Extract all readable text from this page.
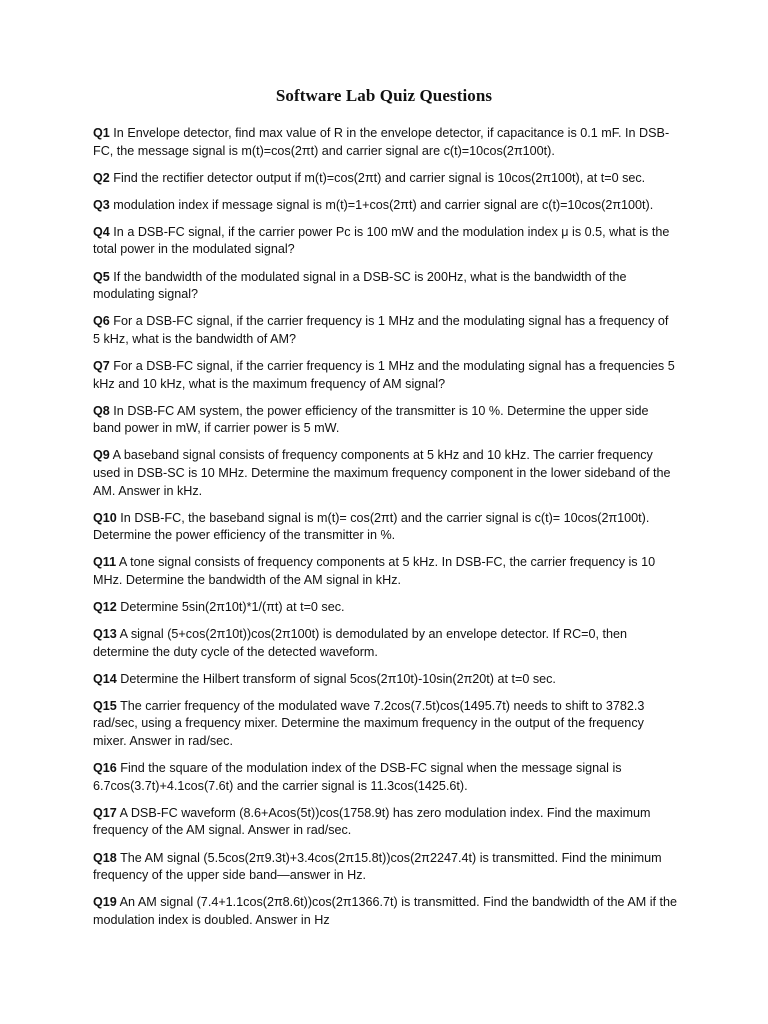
Software Lab Quiz Questions
Q1 In Envelope detector, find max value of R in the envelope detector, if capacitance is 0.1 mF. In DSB-FC, the message signal is m(t)=cos(2πt) and carrier signal are c(t)=10cos(2π100t).
Q2 Find the rectifier detector output if m(t)=cos(2πt) and carrier signal is 10cos(2π100t), at t=0 sec.
Q3 modulation index if message signal is m(t)=1+cos(2πt) and carrier signal are c(t)=10cos(2π100t).
Q4 In a DSB-FC signal, if the carrier power Pc is 100 mW and the modulation index μ is 0.5, what is the total power in the modulated signal?
Q5 If the bandwidth of the modulated signal in a DSB-SC is 200Hz, what is the bandwidth of the modulating signal?
Q6 For a DSB-FC signal, if the carrier frequency is 1 MHz and the modulating signal has a frequency of 5 kHz, what is the bandwidth of AM?
Q7 For a DSB-FC signal, if the carrier frequency is 1 MHz and the modulating signal has a frequencies 5 kHz and 10 kHz, what is the maximum frequency of AM signal?
Q8 In DSB-FC AM system, the power efficiency of the transmitter is 10 %. Determine the upper side band power in mW, if carrier power is 5 mW.
Q9 A baseband signal consists of frequency components at 5 kHz and 10 kHz. The carrier frequency used in DSB-SC is 10 MHz. Determine the maximum frequency component in the lower sideband of the AM. Answer in kHz.
Q10 In DSB-FC, the baseband signal is m(t)= cos(2πt) and the carrier signal is c(t)= 10cos(2π100t). Determine the power efficiency of the transmitter in %.
Q11 A tone signal consists of frequency components at 5 kHz. In DSB-FC, the carrier frequency is 10 MHz. Determine the bandwidth of the AM signal in kHz.
Q12 Determine 5sin(2π10t)*1/(πt) at t=0 sec.
Q13 A signal (5+cos(2π10t))cos(2π100t) is demodulated by an envelope detector. If RC=0, then determine the duty cycle of the detected waveform.
Q14 Determine the Hilbert transform of signal 5cos(2π10t)-10sin(2π20t) at t=0 sec.
Q15 The carrier frequency of the modulated wave 7.2cos(7.5t)cos(1495.7t) needs to shift to 3782.3 rad/sec, using a frequency mixer. Determine the maximum frequency in the output of the frequency mixer. Answer in rad/sec.
Q16 Find the square of the modulation index of the DSB-FC signal when the message signal is 6.7cos(3.7t)+4.1cos(7.6t) and the carrier signal is 11.3cos(1425.6t).
Q17 A DSB-FC waveform (8.6+Acos(5t))cos(1758.9t) has zero modulation index. Find the maximum frequency of the AM signal. Answer in rad/sec.
Q18 The AM signal (5.5cos(2π9.3t)+3.4cos(2π15.8t))cos(2π2247.4t) is transmitted. Find the minimum frequency of the upper side band—answer in Hz.
Q19 An AM signal (7.4+1.1cos(2π8.6t))cos(2π1366.7t) is transmitted. Find the bandwidth of the AM if the modulation index is doubled. Answer in Hz
